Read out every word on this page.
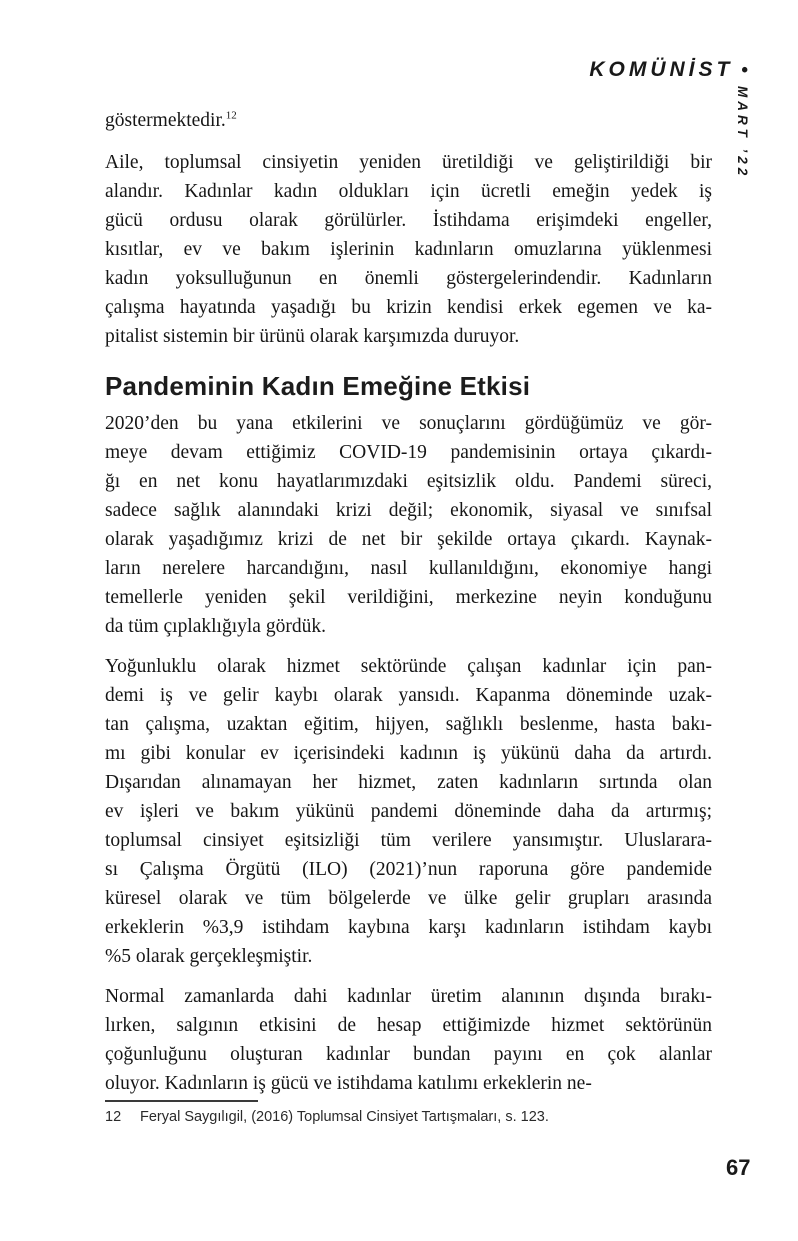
KOMÜNİST •
MART ’22

göstermektedir.$^{12}$

Aile, toplumsal cinsiyetin yeniden üretildiği ve geliştirildiği bir
alandır. Kadınlar kadın oldukları için ücretli emeğin yedek iş
gücü ordusu olarak görülürler. İstihdama erişimdeki engeller,
kısıtlar, ev ve bakım işlerinin kadınların omuzlarına yüklenmesi
kadın yoksulluğunun en önemli göstergelerindendir. Kadınların
çalışma hayatında yaşadığı bu krizin kendisi erkek egemen ve ka-
pitalist sistemin bir ürünü olarak karşımızda duruyor.
Pandeminin Kadın Emeğine Etkisi
2020’den bu yana etkilerini ve sonuçlarını gördüğümüz ve gör-
meye devam ettiğimiz COVID-19 pandemisinin ortaya çıkardı-
ğı en net konu hayatlarımızdaki eşitsizlik oldu. Pandemi süreci,
sadece sağlık alanındaki krizi değil; ekonomik, siyasal ve sınıfsal
olarak yaşadığımız krizi de net bir şekilde ortaya çıkardı. Kaynak-
ların nerelere harcandığını, nasıl kullanıldığını, ekonomiye hangi
temellerle yeniden şekil verildiğini, merkezine neyin konduğunu
da tüm çıplaklığıyla gördük.
Yoğunluklu olarak hizmet sektöründe çalışan kadınlar için pan-
demi iş ve gelir kaybı olarak yansıdı. Kapanma döneminde uzak-
tan çalışma, uzaktan eğitim, hijyen, sağlıklı beslenme, hasta bakı-
mı gibi konular ev içerisindeki kadının iş yükünü daha da artırdı.
Dışarıdan alınamayan her hizmet, zaten kadınların sırtında olan
ev işleri ve bakım yükünü pandemi döneminde daha da artırmış;
toplumsal cinsiyet eşitsizliği tüm verilere yansımıştır. Uluslarara-
sı Çalışma Örgütü (ILO) (2021)’nun raporuna göre pandemide
küresel olarak ve tüm bölgelerde ve ülke gelir grupları arasında
erkeklerin %3,9 istihdam kaybına karşı kadınların istihdam kaybı
%5 olarak gerçekleşmiştir.
Normal zamanlarda dahi kadınlar üretim alanının dışında bırakı-
lırken, salgının etkisini de hesap ettiğimizde hizmet sektörünün
çoğunluğunu oluşturan kadınlar bundan payını en çok alanlar
oluyor. Kadınların iş gücü ve istihdama katılımı erkeklerin ne-
12 Feryal Saygılıgil, (2016) Toplumsal Cinsiyet Tartışmaları, s. 123.
67
